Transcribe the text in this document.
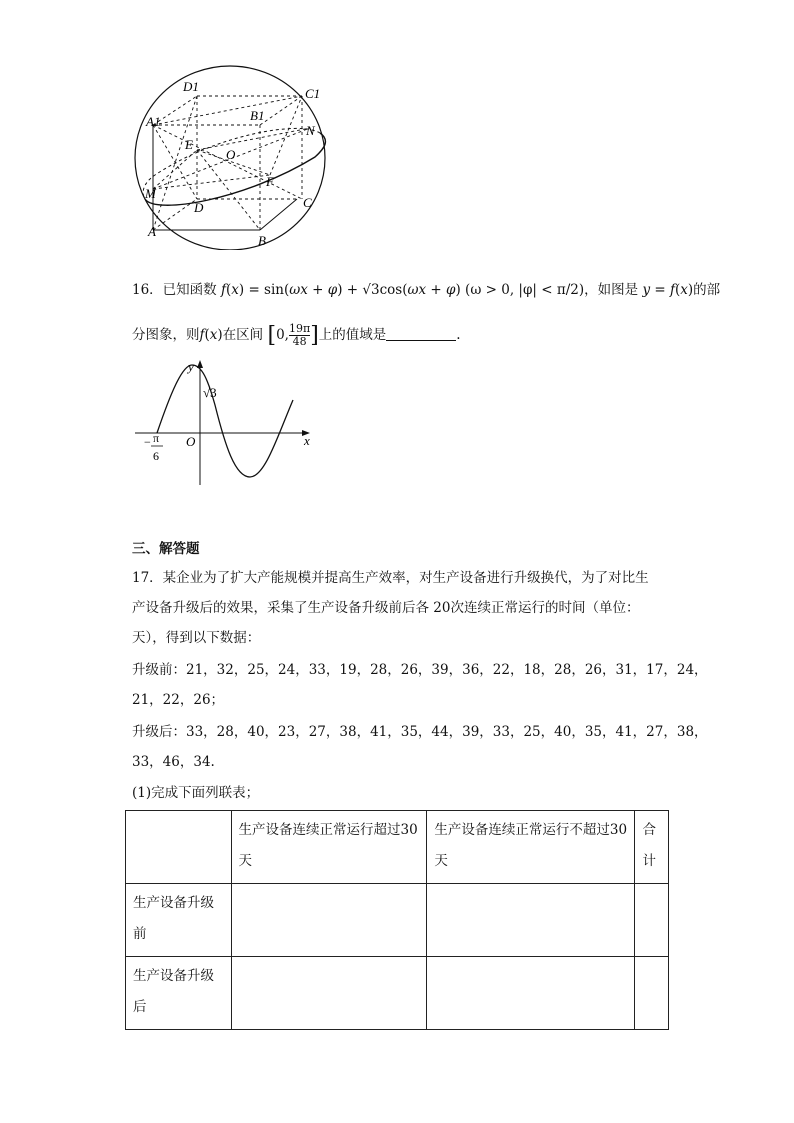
D1	C1
A1	B1
N
E
O
M
F
D	C
A
B
16．已知函数 f(x) = sin(ωx + φ) + √3cos(ωx + φ) (ω > 0, |φ| < π/2)，如图是 y = f(x)的部
分图象，则f(x)在区间 [0, $\frac{19\pi}{48}$ ]上的值域是	.
y
x
O
√3
− π
6
三、解答题
17．某企业为了扩大产能规模并提高生产效率，对生产设备进行升级换代，为了对比生
产设备升级后的效果，采集了生产设备升级前后各 20次连续正常运行的时间（单位：
天），得到以下数据：
升级前：21，32，25，24，33，19，28，26，39，36，22，18，28，26，31，17，24，
21，22，26；
升级后：33，28，40，23，27，38，41，35，44，39，33，25，40，35，41，27，38，
33，46，34.
(1)完成下面列联表；
	生产设备连续正常运行超过30天	生产设备连续正常运行不超过30天	合计
生产设备升级前			
生产设备升级后			
